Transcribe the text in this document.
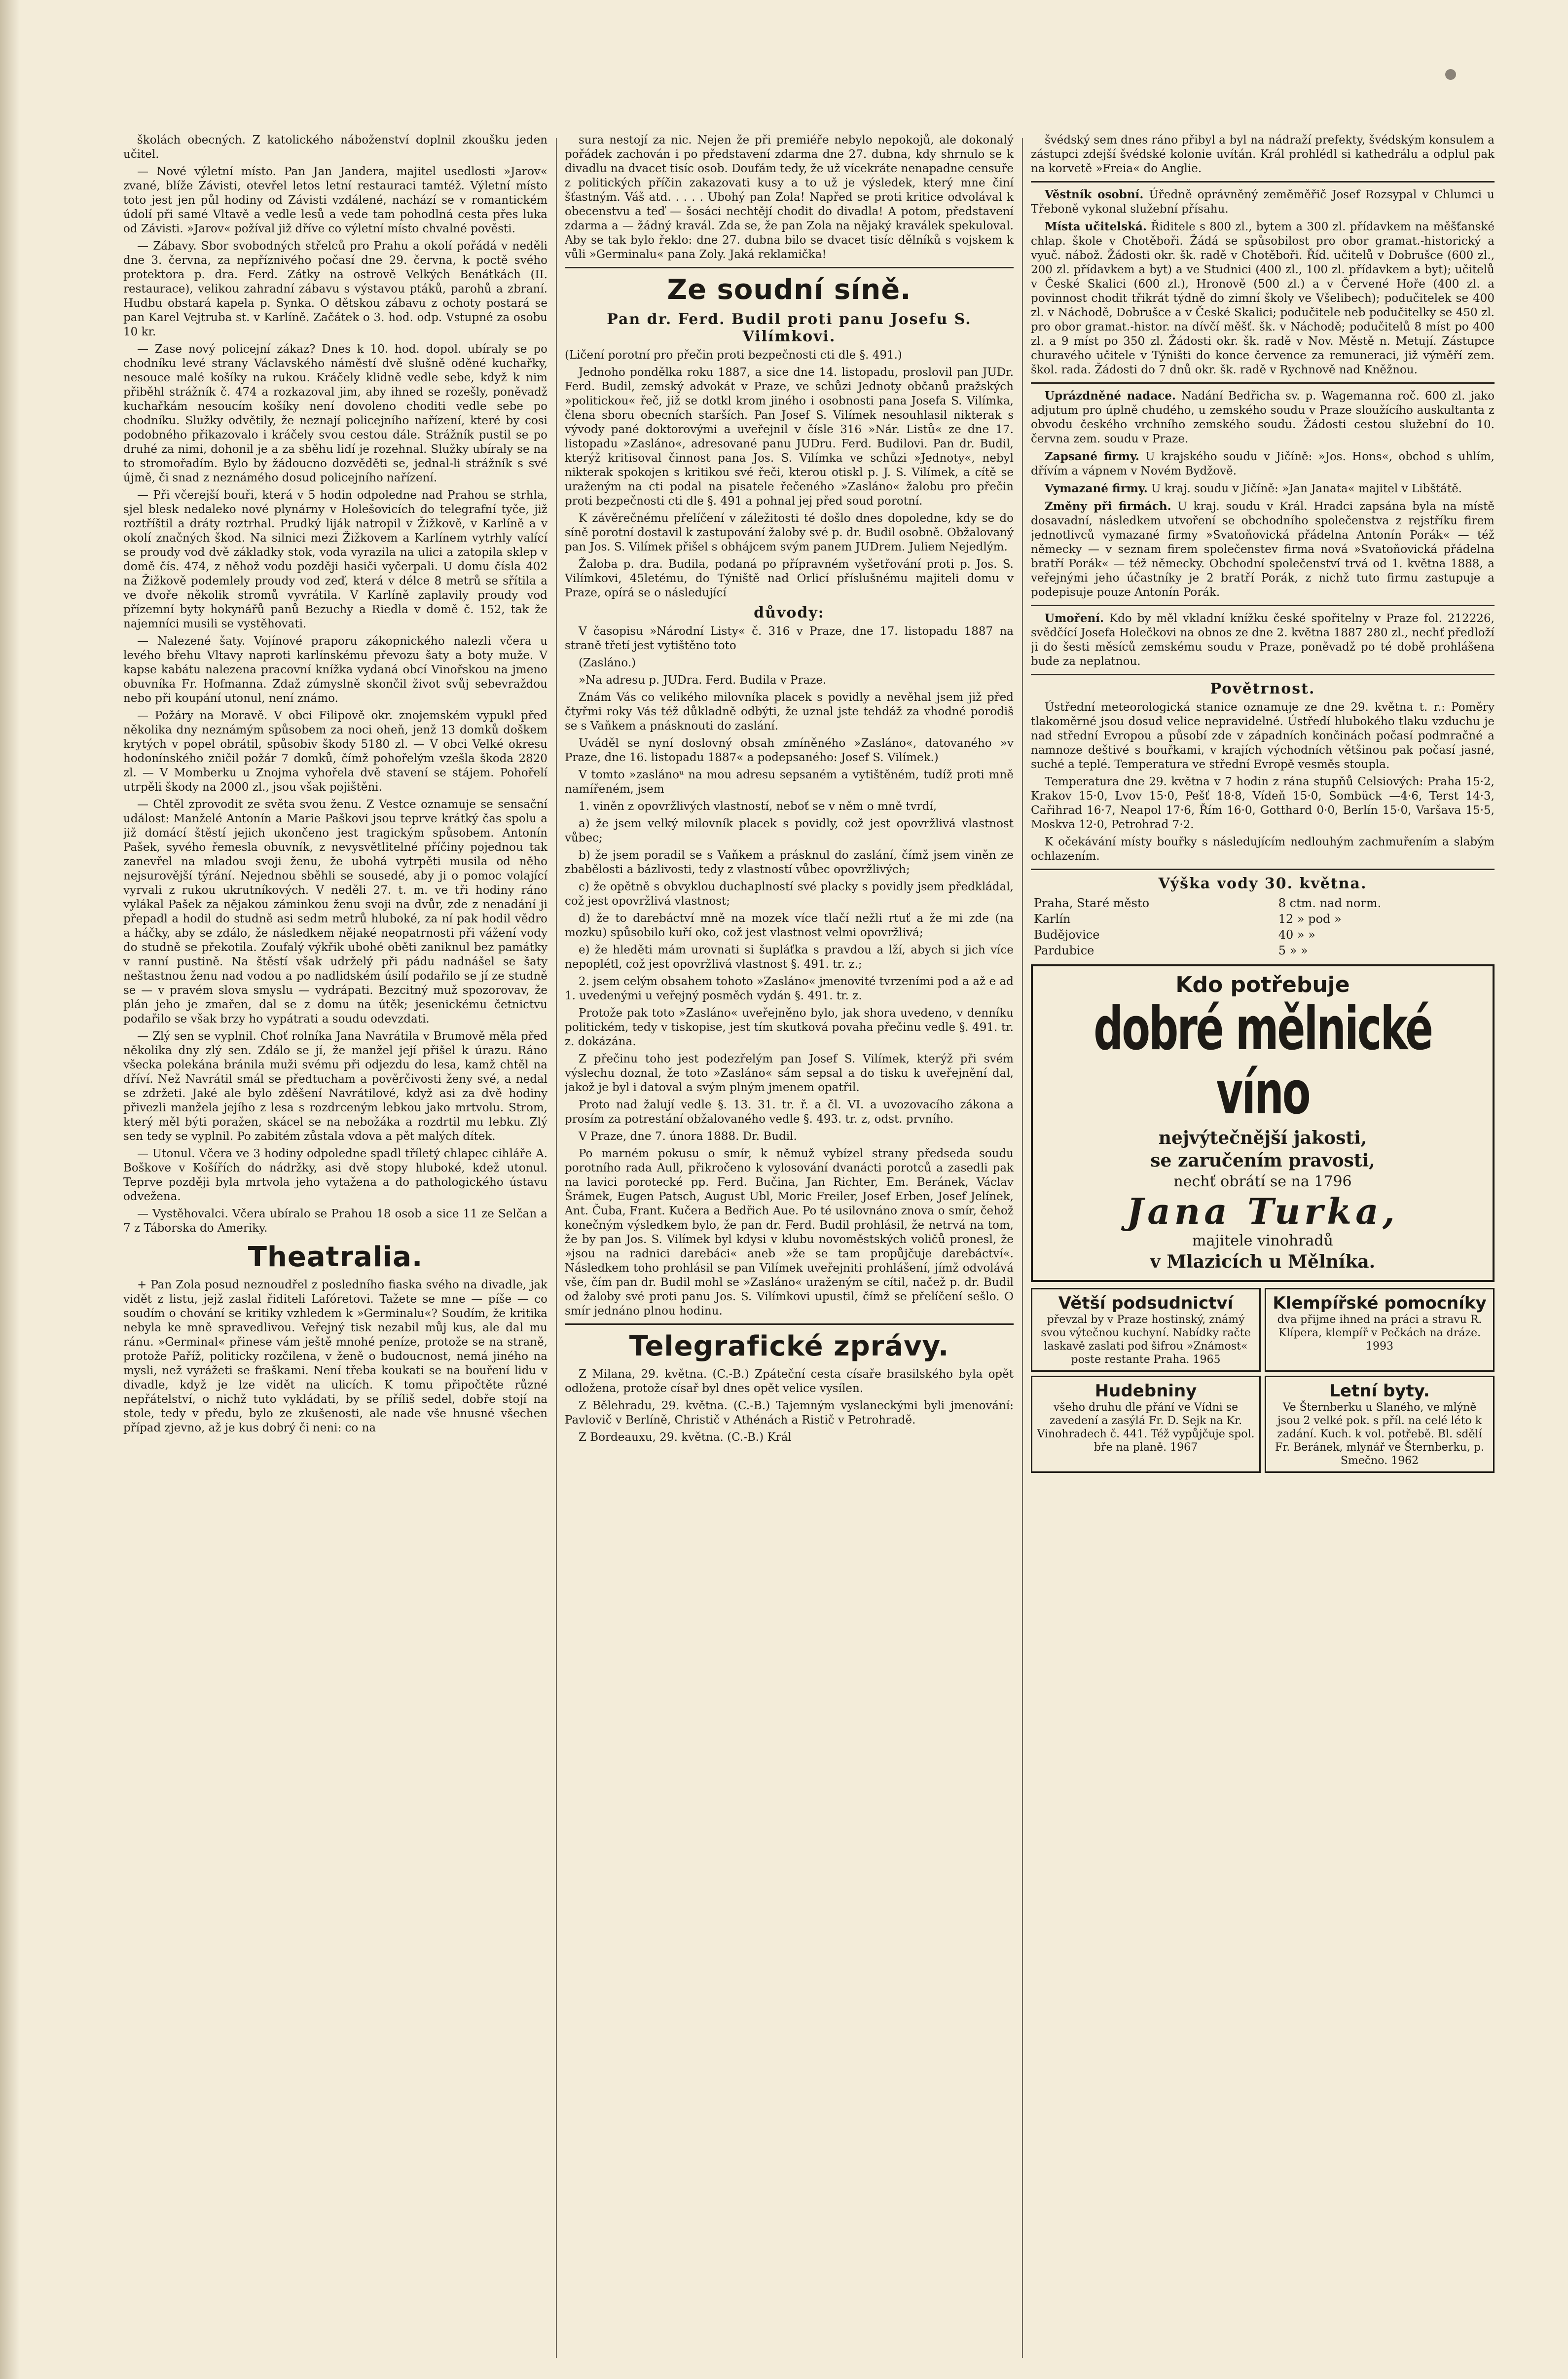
školách obecných. Z katolického náboženství doplnil zkoušku jeden učitel.

— Nové výletní místo. Pan Jan Jandera, majitel usedlosti »Jarov« zvané, blíže Závisti, otevřel letos letní restauraci tamtéž. Výletní místo toto jest jen půl hodiny od Závisti vzdálené, nachází se v romantickém údolí při samé Vltavě a vedle lesů a vede tam pohodlná cesta přes luka od Závisti. »Jarov« požíval již dříve co výletní místo chvalné pověsti.

— Zábavy. Sbor svobodných střelců pro Prahu a okolí pořádá v neděli dne 3. června, za nepříznivého počasí dne 29. června, k poctě svého protektora p. dra. Ferd. Zátky na ostrově Velkých Benátkách (II. restaurace), velikou zahradní zábavu s výstavou ptáků, parohů a zbraní. Hudbu obstará kapela p. Synka. O dětskou zábavu z ochoty postará se pan Karel Vejtruba st. v Karlíně. Začátek o 3. hod. odp. Vstupné za osobu 10 kr.

— Zase nový policejní zákaz? Dnes k 10. hod. dopol. ubíraly se po chodníku levé strany Václavského náměstí dvě slušně oděné kuchařky, nesouce malé košíky na rukou. Kráčely klidně vedle sebe, když k nim přiběhl strážník č. 474 a rozkazoval jim, aby ihned se rozešly, poněvadž kuchařkám nesoucím košíky není dovoleno choditi vedle sebe po chodníku. Služky odvětily, že neznají policejního nařízení, které by cosi podobného přikazovalo i kráčely svou cestou dále. Strážník pustil se po druhé za nimi, dohonil je a za sběhu lidí je rozehnal. Služky ubíraly se na to stromořadím. Bylo by žádoucno dozvěděti se, jednal-li strážník s své újmě, či snad z neznámého dosud policejního nařízení.

— Při včerejší bouři, která v 5 hodin odpoledne nad Prahou se strhla, sjel blesk nedaleko nové plynárny v Holešovicích do telegrafní tyče, již roztříštil a dráty roztrhal. Prudký liják natropil v Žižkově, v Karlíně a v okolí značných škod. Na silnici mezi Žižkovem a Karlínem vytrhly valící se proudy vod dvě základky stok, voda vyrazila na ulici a zatopila sklep v domě čís. 474, z něhož vodu později hasiči vyčerpali. U domu čísla 402 na Žižkově podemlely proudy vod zeď, která v délce 8 metrů se sřítila a ve dvoře několik stromů vyvrátila. V Karlíně zaplavily proudy vod přízemní byty hokynářů panů Bezuchy a Riedla v domě č. 152, tak že najemníci musili se vystěhovati.

— Nalezené šaty. Vojínové praporu zákopnického nalezli včera u levého břehu Vltavy naproti karlínskému převozu šaty a boty muže. V kapse kabátu nalezena pracovní knížka vydaná obcí Vinořskou na jmeno obuvníka Fr. Hofmanna. Zdaž zúmyslně skončil život svůj sebevraždou nebo při koupání utonul, není známo.

— Požáry na Moravě. V obci Filipově okr. znojemském vypukl před několika dny neznámým spůsobem za noci oheň, jenž 13 domků doškem krytých v popel obrátil, spůsobiv škody 5180 zl. — V obci Velké okresu hodonínského zničil požár 7 domků, čímž pohořelým vzešla škoda 2820 zl. — V Momberku u Znojma vyhořela dvě stavení se stájem. Pohořelí utrpěli škody na 2000 zl., jsou však pojištěni.

— Chtěl zprovodit ze světa svou ženu. Z Vestce oznamuje se sensační událost: Manželé Antonín a Marie Paškovi jsou teprve krátký čas spolu a již domácí štěstí jejich ukončeno jest tragickým spůsobem. Antonín Pašek, syvého řemesla obuvník, z nevysvětlitelné příčiny pojednou tak zanevřel na mladou svoji ženu, že ubohá vytrpěti musila od něho nejsurovější týrání. Nejednou sběhli se sousedé, aby ji o pomoc volající vyrvali z rukou ukrutníkových. V neděli 27. t. m. ve tři hodiny ráno vylákal Pašek za nějakou záminkou ženu svoji na dvůr, zde z nenadání ji přepadl a hodil do studně asi sedm metrů hluboké, za ní pak hodil vědro a háčky, aby se zdálo, že následkem nějaké neopatrnosti při vážení vody do studně se překotila. Zoufalý výkřik ubohé oběti zaniknul bez památky v ranní pustině. Na štěstí však udrželý při pádu nadnášel se šaty neštastnou ženu nad vodou a po nadlidském úsilí podařilo se jí ze studně se — v pravém slova smyslu — vydrápati. Bezcitný muž spozorovav, že plán jeho je zmařen, dal se z domu na útěk; jesenickému četnictvu podařilo se však brzy ho vypátrati a soudu odevzdati.

— Zlý sen se vyplnil. Choť rolníka Jana Navrátila v Brumově měla před několika dny zlý sen. Zdálo se jí, že manžel její přišel k úrazu. Ráno všecka polekána bránila muži svému při odjezdu do lesa, kamž chtěl na dříví. Než Navrátil smál se předtucham a pověrčivosti ženy své, a nedal se zdržeti. Jaké ale bylo zděšení Navrátilové, když asi za dvě hodiny přivezli manžela jejího z lesa s rozdrceným lebkou jako mrtvolu. Strom, který měl býti poražen, skácel se na nebožáka a rozdrtil mu lebku. Zlý sen tedy se vyplnil. Po zabitém zůstala vdova a pět malých dítek.

— Utonul. Včera ve 3 hodiny odpoledne spadl tříletý chlapec cihláře A. Boškove v Košířích do nádržky, asi dvě stopy hluboké, kdež utonul. Teprve později byla mrtvola jeho vytažena a do pathologického ústavu odvežena.

— Vystěhovalci. Včera ubíralo se Prahou 18 osob a sice 11 ze Selčan a 7 z Táborska do Ameriky.

Theatralia.

+ Pan Zola posud neznoudřel z posledního fiaska svého na divadle, jak vidět z listu, jejž zaslal řiditeli Lafóretovi. Tažete se mne — píše — co soudím o chování se kritiky vzhledem k »Germinalu«? Soudím, že kritika nebyla ke mně spravedlivou. Veřejný tisk nezabil můj kus, ale dal mu ránu. »Germinal« přinese vám ještě mnohé peníze, protože se na straně, protože Paříž, politicky rozčilena, v ženě o budoucnost, nemá jiného na mysli, než vyrážeti se fraškami. Není třeba koukati se na bouření lidu v divadle, když je lze vidět na ulicích. K tomu připočtěte různé nepřátelství, o nichž tuto vykládati, by se příliš sedel, dobře stojí na stole, tedy v předu, bylo ze zkušenosti, ale nade vše hnusné všechen případ zjevno, až je kus dobrý či neni: co na

sura nestojí za nic. Nejen že při premiéře nebylo nepokojů, ale dokonalý pořádek zachován i po představení zdarma dne 27. dubna, kdy shrnulo se k divadlu na dvacet tisíc osob. Doufám tedy, že už vícekráte nenapadne censuře z politických příčin zakazovati kusy a to už je výsledek, který mne činí šťastným. Váš atd. . . . . Ubohý pan Zola! Napřed se proti kritice odvolával k obecenstvu a teď — šosáci nechtějí chodit do divadla! A potom, představení zdarma a — žádný kravál. Zda se, že pan Zola na nějaký kraválek spekuloval. Aby se tak bylo řeklo: dne 27. dubna bilo se dvacet tisíc dělníků s vojskem k vůli »Germinalu« pana Zoly. Jaká reklamička!

Ze soudní síně.
Pan dr. Ferd. Budil proti panu Josefu S. Vilímkovi.

(Ličení porotní pro přečin proti bezpečnosti cti dle §. 491.)

Jednoho pondělka roku 1887, a sice dne 14. listopadu, proslovil pan JUDr. Ferd. Budil, zemský advokát v Praze, ve schůzi Jednoty občanů pražských »politickou« řeč, již se dotkl krom jiného i osobnosti pana Josefa S. Vilímka, člena sboru obecních starších. Pan Josef S. Vilímek nesouhlasil nikterak s vývody pané doktorovými a uveřejnil v čísle 316 »Nár. Listů« ze dne 17. listopadu »Zasláno«, adresované panu JUDru. Ferd. Budilovi. Pan dr. Budil, kterýž kritisoval činnost pana Jos. S. Vilímka ve schůzi »Jednoty«, nebyl nikterak spokojen s kritikou své řeči, kterou otiskl p. J. S. Vilímek, a cítě se uraženým na cti podal na pisatele řečeného »Zasláno« žalobu pro přečin proti bezpečnosti cti dle §. 491 a pohnal jej před soud porotní.

K závěrečnému přelíčení v záležitosti té došlo dnes dopoledne, kdy se do síně porotní dostavil k zastupování žaloby své p. dr. Budil osobně. Obžalovaný pan Jos. S. Vilímek přišel s obhájcem svým panem JUDrem. Juliem Nejedlým.

Žaloba p. dra. Budila, podaná po přípravném vyšetřování proti p. Jos. S. Vilímkovi, 45letému, do Týniště nad Orlicí příslušnému majiteli domu v Praze, opírá se o následující

důvody:

V časopisu »Národní Listy« č. 316 v Praze, dne 17. listopadu 1887 na straně třetí jest vytištěno toto

(Zasláno.)

»Na adresu p. JUDra. Ferd. Budila v Praze.

Znám Vás co velikého milovníka placek s povidly a nevěhal jsem již před čtyřmi roky Vás též důkladně odbýti, že uznal jste tehdáž za vhodné porodiš se s Vaňkem a pnásknouti do zaslání.

Uváděl se nyní doslovný obsah zmíněného »Zasláno«, datovaného »v Praze, dne 16. listopadu 1887« a podepsaného: Josef S. Vilímek.)

V tomto »zaslánoᵘ na mou adresu sepsaném a vytištěném, tudíž proti mně namířeném, jsem

1. viněn z opovržlivých vlastností, neboť se v něm o mně tvrdí,

a) že jsem velký milovník placek s povidly, což jest opovržlivá vlastnost vůbec;

b) že jsem poradil se s Vaňkem a prásknul do zaslání, čímž jsem viněn ze zbabělosti a bázlivosti, tedy z vlastností vůbec opovržlivých;

c) že opětně s obvyklou duchaplností své placky s povidly jsem předkládal, což jest opovržlivá vlastnost;

d) že to darebáctví mně na mozek více tlačí nežli rtuť a že mi zde (na mozku) spůsobilo kuří oko, což jest vlastnost velmi opovržlivá;

e) že hleděti mám urovnati si šupláťka s pravdou a lží, abych si jich více nepoplétl, což jest opovržlivá vlastnost §. 491. tr. z.;

2. jsem celým obsahem tohoto »Zasláno« jmenovité tvrzeními pod a až e ad 1. uvedenými u veřejný posměch vydán §. 491. tr. z.

Protože pak toto »Zasláno« uveřejněno bylo, jak shora uvedeno, v denníku politickém, tedy v tiskopise, jest tím skutková povaha přečinu vedle §. 491. tr. z. dokázána.

Z přečinu toho jest podezřelým pan Josef S. Vilímek, kterýž při svém výslechu doznal, že toto »Zasláno« sám sepsal a do tisku k uveřejnění dal, jakož je byl i datoval a svým plným jmenem opatřil.

Proto nad žalují vedle §. 13. 31. tr. ř. a čl. VI. a uvozovacího zákona a prosím za potrestání obžalovaného vedle §. 493. tr. z, odst. prvního.

V Praze, dne 7. února 1888. Dr. Budil.

Po marném pokusu o smír, k němuž vybízel strany předseda soudu porotního rada Aull, přikročeno k vylosování dvanácti porotců a zasedli pak na lavici porotecké pp. Ferd. Bučina, Jan Richter, Em. Beránek, Václav Šrámek, Eugen Patsch, August Ubl, Moric Freiler, Josef Erben, Josef Jelínek, Ant. Čuba, Frant. Kučera a Bedřich Aue. Po té usilovnáno znova o smír, čehož konečným výsledkem bylo, že pan dr. Ferd. Budil prohlásil, že netrvá na tom, že by pan Jos. S. Vilímek byl kdysi v klubu novoměstských voličů pronesl, že »jsou na radnici darebáci« aneb »že se tam propůjčuje darebáctví«. Následkem toho prohlásil se pan Vilímek uveřejniti prohlášení, jímž odvolává vše, čím pan dr. Budil mohl se »Zasláno« uraženým se cítil, načež p. dr. Budil od žaloby své proti panu Jos. S. Vilímkovi upustil, čímž se přelíčení sešlo. O smír jednáno plnou hodinu.

Telegrafické zprávy.

Z Milana, 29. května. (C.-B.) Zpáteční cesta císaře brasilského byla opět odložena, protože císař byl dnes opět velice vysílen.

Z Bělehradu, 29. května. (C.-B.) Tajemným vyslaneckými byli jmenování: Pavlovič v Berlíně, Christič v Athénách a Ristič v Petrohradě.

Z Bordeauxu, 29. května. (C.-B.) Král

švédský sem dnes ráno přibyl a byl na nádraží prefekty, švédským konsulem a zástupci zdejší švédské kolonie uvítán. Král prohlédl si kathedrálu a odplul pak na korvetě »Freia« do Anglie.

Věstník osobní. Úředně oprávněný zeměměřič Josef Rozsypal v Chlumci u Třeboně vykonal služební přísahu.

Místa učitelská. Řiditele s 800 zl., bytem a 300 zl. přídavkem na měšťanské chlap. škole v Chotěboři. Žádá se spůsobilost pro obor gramat.-historický a vyuč. nábož. Žádosti okr. šk. radě v Chotěboři. Říd. učitelů v Dobrušce (600 zl., 200 zl. přídavkem a byt) a ve Studnici (400 zl., 100 zl. přídavkem a byt); učitelů v České Skalici (600 zl.), Hronově (500 zl.) a v Červené Hoře (400 zl. a povinnost chodit třikrát týdně do zimní školy ve Všelibech); podučitelek se 400 zl. v Náchodě, Dobrušce a v České Skalici; podučitele neb podučitelky se 450 zl. pro obor gramat.-histor. na dívčí měšť. šk. v Náchodě; podučitelů 8 míst po 400 zl. a 9 míst po 350 zl. Žádosti okr. šk. radě v Nov. Městě n. Metují. Zástupce churavého učitele v Týništi do konce července za remuneraci, již výměří zem. škol. rada. Žádosti do 7 dnů okr. šk. radě v Rychnově nad Kněžnou.

Uprázdněné nadace. Nadání Bedřicha sv. p. Wagemanna roč. 600 zl. jako adjutum pro úplně chudého, u zemského soudu v Praze sloužícího auskultanta z obvodu českého vrchního zemského soudu. Žádosti cestou služební do 10. června zem. soudu v Praze.

Zapsané firmy. U krajského soudu v Jičíně: »Jos. Hons«, obchod s uhlím, dřívím a vápnem v Novém Bydžově.

Vymazané firmy. U kraj. soudu v Jičíně: »Jan Janata« majitel v Libštátě.

Změny při firmách. U kraj. soudu v Král. Hradci zapsána byla na místě dosavadní, následkem utvoření se obchodního společenstva z rejstříku firem jednotlivců vymazané firmy »Svatoňovická přádelna Antonín Porák« — též německy — v seznam firem společenstev firma nová »Svatoňovická přádelna bratří Porák« — též německy. Obchodní společenství trvá od 1. května 1888, a veřejnými jeho účastníky je 2 bratří Porák, z nichž tuto firmu zastupuje a podepisuje pouze Antonín Porák.

Umoření. Kdo by měl vkladní knížku české spořitelny v Praze fol. 212226, svědčící Josefa Holečkovi na obnos ze dne 2. května 1887 280 zl., nechť předloží ji do šesti měsíců zemskému soudu v Praze, poněvadž po té době prohlášena bude za neplatnou.

Povětrnost.

Ústřední meteorologická stanice oznamuje ze dne 29. května t. r.: Poměry tlakoměrné jsou dosud velice nepravidelné. Ústředí hlubokého tlaku vzduchu je nad střední Evropou a působí zde v západních končinách počasí podmračné a namnoze deštivé s bouřkami, v krajích východních většinou pak počasí jasné, suché a teplé. Temperatura ve střední Evropě vesměs stoupla.

Temperatura dne 29. května v 7 hodin z rána stupňů Celsiových: Praha 15·2, Krakov 15·0, Lvov 15·0, Pešť 18·8, Vídeň 15·0, Sombück —4·6, Terst 14·3, Cařihrad 16·7, Neapol 17·6, Řím 16·0, Gotthard 0·0, Berlín 15·0, Varšava 15·5, Moskva 12·0, Petrohrad 7·2.

K očekávání místy bouřky s následujícím nedlouhým zachmuřením a slabým ochlazením.

Výška vody 30. května.
Praha, Staré město	8 ctm. nad norm.
Karlín	12 » pod »
Budějovice	40 » »
Pardubice	5 » »
Kdo potřebuje
dobré mělnické víno
nejvýtečnější jakosti,
se zaručením pravosti,
nechť obrátí se na 1796
Jana Turka,
majitele vinohradů
v Mlazicích u Mělníka.
Větší podsudnictví
převzal by v Praze hostinský, známý svou výtečnou kuchyní. Nabídky račte laskavě zaslati pod šifrou »Známost« poste restante Praha. 1965
Klempířské pomocníky
dva přijme ihned na práci a stravu R. Klípera, klempíř v Pečkách na dráze. 1993
Hudebniny
všeho druhu dle přání ve Vídni se zavedení a zasýlá Fr. D. Sejk na Kr. Vinohradech č. 441. Též vypůjčuje spol. bře na planě. 1967
Letní byty.
Ve Šternberku u Slaného, ve mlýně jsou 2 velké pok. s příl. na celé léto k zadání. Kuch. k vol. potřebě. Bl. sdělí Fr. Beránek, mlynář ve Šternberku, p. Smečno. 1962
